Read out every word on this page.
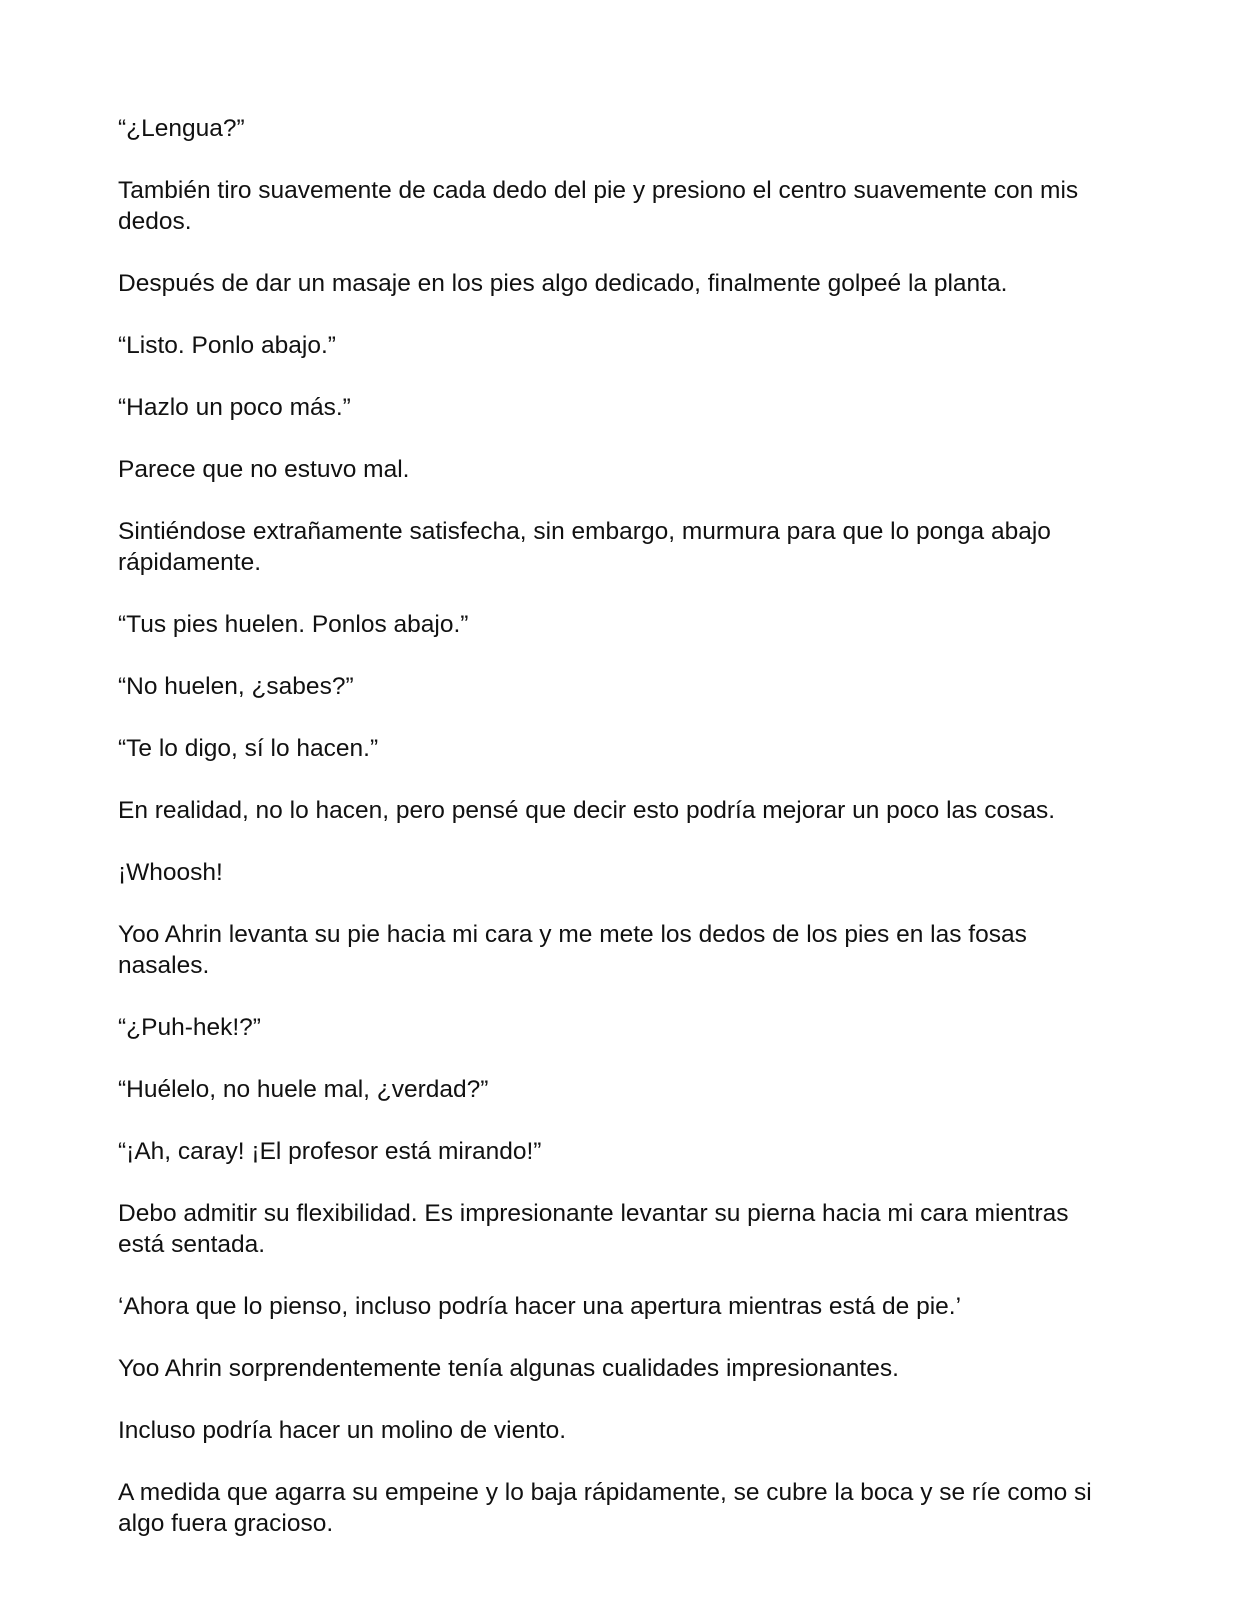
“¿Lengua?”

También tiro suavemente de cada dedo del pie y presiono el centro suavemente con mis dedos.

Después de dar un masaje en los pies algo dedicado, finalmente golpeé la planta.

“Listo. Ponlo abajo.”

“Hazlo un poco más.”

Parece que no estuvo mal.

Sintiéndose extrañamente satisfecha, sin embargo, murmura para que lo ponga abajo rápidamente.

“Tus pies huelen. Ponlos abajo.”

“No huelen, ¿sabes?”

“Te lo digo, sí lo hacen.”

En realidad, no lo hacen, pero pensé que decir esto podría mejorar un poco las cosas.

¡Whoosh!

Yoo Ahrin levanta su pie hacia mi cara y me mete los dedos de los pies en las fosas nasales.

“¿Puh-hek!?”

“Huélelo, no huele mal, ¿verdad?”

“¡Ah, caray! ¡El profesor está mirando!”

Debo admitir su flexibilidad. Es impresionante levantar su pierna hacia mi cara mientras está sentada.

‘Ahora que lo pienso, incluso podría hacer una apertura mientras está de pie.’

Yoo Ahrin sorprendentemente tenía algunas cualidades impresionantes.

Incluso podría hacer un molino de viento.

A medida que agarra su empeine y lo baja rápidamente, se cubre la boca y se ríe como si algo fuera gracioso.
